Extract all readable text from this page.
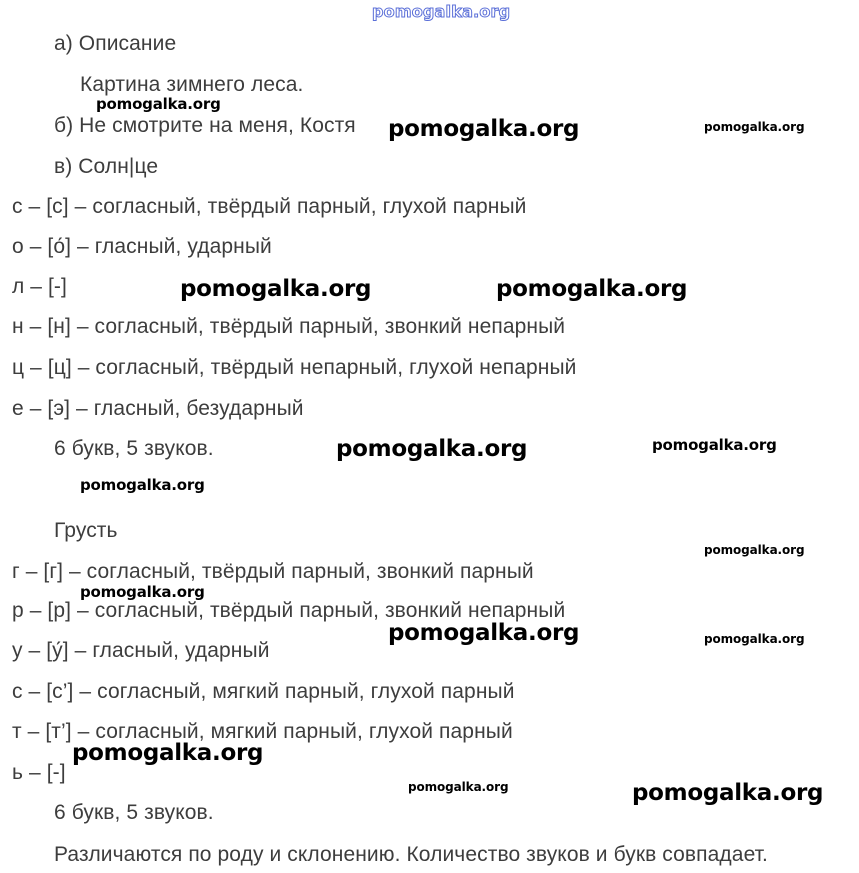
pomogalka.org
а) Описание
Картина зимнего леса.
б) Не смотрите на меня, Костя
в) Солн|це
с – [с] – согласный, твёрдый парный, глухой парный
о – [о́] – гласный, ударный
л – [-]
н – [н] – согласный, твёрдый парный, звонкий непарный
ц – [ц] – согласный, твёрдый непарный, глухой непарный
е – [э] – гласный, безударный
6 букв, 5 звуков.
Грусть
г – [г] – согласный, твёрдый парный, звонкий парный
р – [р] – согласный, твёрдый парный, звонкий непарный
у – [у́] – гласный, ударный
с – [с’] – согласный, мягкий парный, глухой парный
т – [т’] – согласный, мягкий парный, глухой парный
ь – [-]
6 букв, 5 звуков.
Различаются по роду и склонению. Количество звуков и букв совпадает.
pomogalka.org
pomogalka.org	pomogalka.org
pomogalka.org	pomogalka.org
pomogalka.org	pomogalka.org
pomogalka.org
pomogalka.org
pomogalka.org
pomogalka.org	pomogalka.org
pomogalka.org
pomogalka.org	pomogalka.org
